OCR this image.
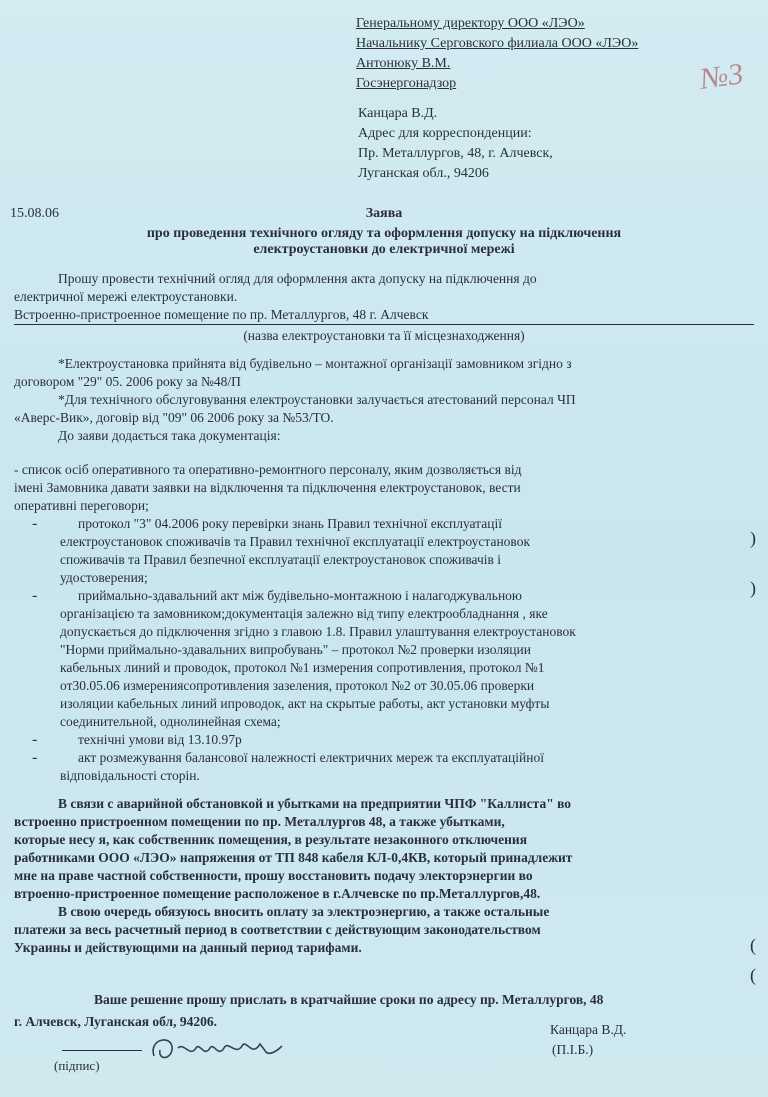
Генеральному директору ООО «ЛЭО»
Начальнику Серговского филиала ООО «ЛЭО»
Антонюку В.М.
Госэнергонадзор	№3
Канцара В.Д.
Адрес для корреспонденции:
Пр. Металлургов, 48, г. Алчевск,
Луганская обл., 94206
15.08.06	Заява
про проведення технічного огляду та оформлення допуску на підключення
електроустановки до електричної мережі

Прошу провести технічний огляд для оформлення акта допуску на підключення до

електричної мережі електроустановки.

Встроенно-пристроенное помещение по пр. Металлургов, 48 г. Алчевск

(назва електроустановки та її місцезнаходження)

*Електроустановка прийнята від будівельно – монтажної організації замовником згідно з

договором "29" 05. 2006 року за №48/П

*Для технічного обслуговування електроустановки залучається атестований персонал ЧП

«Аверс-Вик», договір від "09" 06 2006 року за №53/ТО.

До заяви додається така документація:

- список осіб оперативного та оперативно-ремонтного персоналу, яким дозволяється від

імені Замовника давати заявки на відключення та підключення електроустановок, вести

оперативні переговори;

-	протокол "3" 04.2006 року перевірки знань Правил технічної експлуатації

електроустановок споживачів та Правил технічної експлуатації електроустановок

споживачів та Правил безпечної експлуатації електроустановок споживачів і

удостоверения;

-	приймально-здавальний акт між будівельно-монтажною і налагоджувальною

організацією та замовником;документація залежно від типу електрообладнання , яке

допускається до підключення згідно з главою 1.8. Правил улаштування електроустановок

"Норми приймально-здавальних випробувань" – протокол №2 проверки изоляции

кабельных линий и проводок, протокол №1 измерения сопротивления, протокол №1

от30.05.06 измеренияcопротивления зазеления, протокол №2 от 30.05.06 проверки

изоляции кабельных линий ипроводок, акт на скрытые работы, акт установки муфты

соединительной, однолинейная схема;

-	технічні умови від 13.10.97р

-	акт розмежування балансової належності електричних мереж та експлуатаційної

відповідальності сторін.

В связи с аварийной обстановкой и убытками на предприятии ЧПФ "Каллиста" во

встроенно пристроенном помещении по пр. Металлургов 48, а также убытками,

которые несу я, как собственник помещения, в результате незаконного отключения

работниками ООО «ЛЭО» напряжения от ТП 848 кабеля КЛ-0,4КВ, который принадлежит

мне на праве частной собственности, прошу восстановить подачу электорэнергии во

втроенно-пристроенное помещение расположеное в г.Алчевске по пр.Металлургов,48.

В свою очередь обязуюсь вносить оплату за электроэнергию, а также остальные

платежи за весь расчетный период в соответствии с действующим законодательством

Украины и действующими на данный период тарифами.

Ваше решение прошу прислать в кратчайшие сроки по адресу пр. Металлургов, 48

г. Алчевск, Луганская обл, 94206.

(підпис)
Канцара В.Д.
(П.І.Б.)
)
)
(
(
